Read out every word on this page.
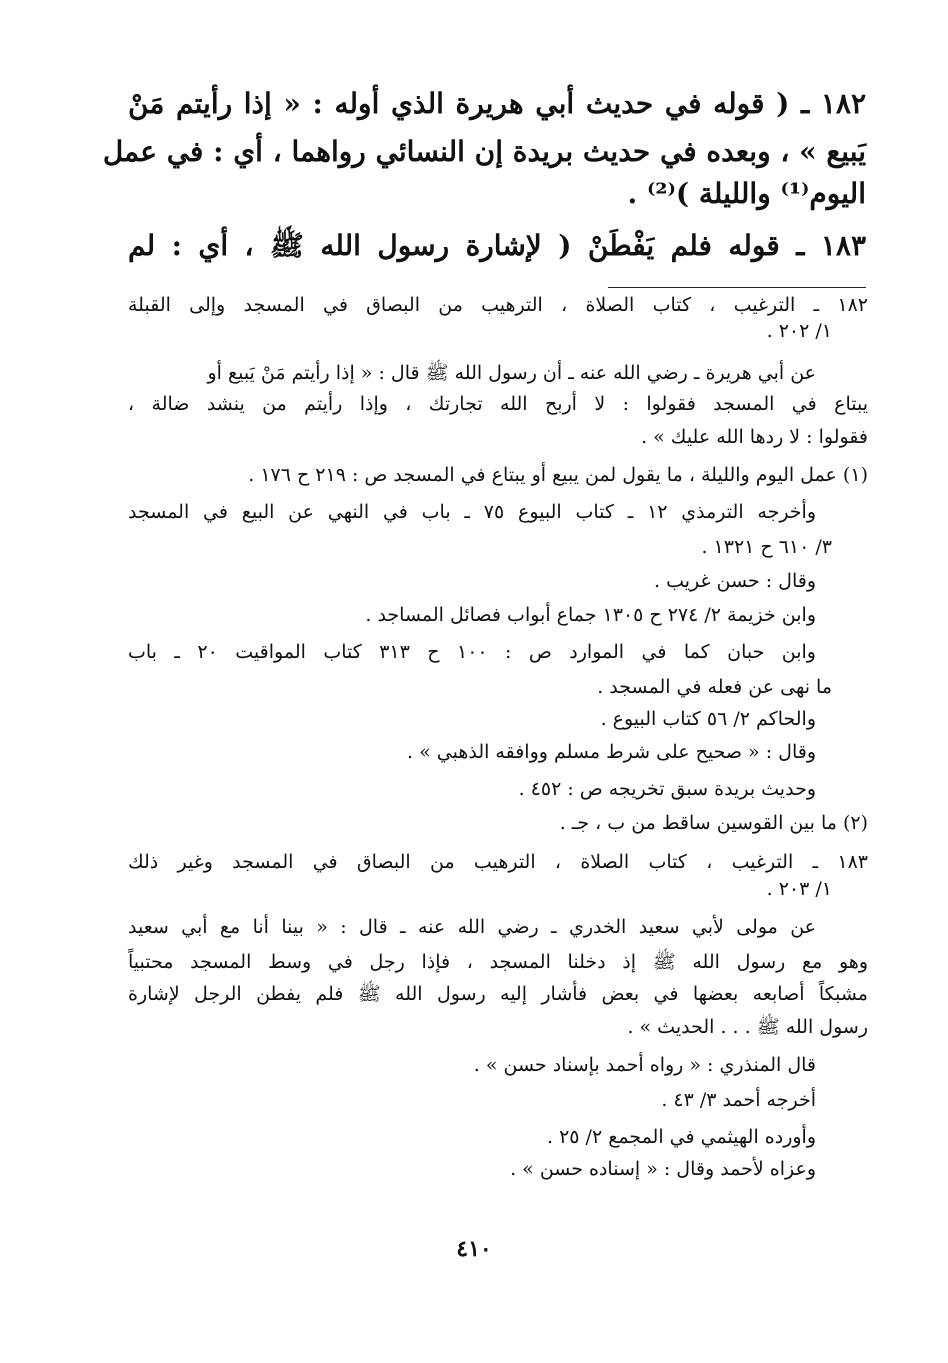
١٨٢ ـ ( قوله في حديث أبي هريرة الذي أوله : « إذا رأيتم مَنْ
يَبيع » ، وبعده في حديث بريدة إن النسائي رواهما ، أي : في عمل
اليوم⁽¹⁾ والليلة )⁽²⁾ .
١٨٣ ـ قوله فلم يَفْطَنْ ( لإشارة رسول الله ﷺ ، أي : لم
١٨٢ ـ الترغيب ، كتاب الصلاة ، الترهيب من البصاق في المسجد وإلى القبلة
١/ ٢٠٢ .
عن أبي هريرة ـ رضي الله عنه ـ أن رسول الله ﷺ قال : « إذا رأيتم مَنْ يَبيع أو
يبتاع في المسجد فقولوا : لا أربح الله تجارتك ، وإذا رأيتم من ينشد ضالة ،
فقولوا : لا ردها الله عليك » .
(١) عمل اليوم والليلة ، ما يقول لمن يبيع أو يبتاع في المسجد ص : ٢١٩ ح ١٧٦ .
وأخرجه الترمذي ١٢ ـ كتاب البيوع ٧٥ ـ باب في النهي عن البيع في المسجد
٣/ ٦١٠ ح ١٣٢١ .
وقال : حسن غريب .
وابن خزيمة ٢/ ٢٧٤ ح ١٣٠٥ جماع أبواب فصائل المساجد .
وابن حبان كما في الموارد ص : ١٠٠ ح ٣١٣ كتاب المواقيت ٢٠ ـ باب
ما نهى عن فعله في المسجد .
والحاكم ٢/ ٥٦ كتاب البيوع .
وقال : « صحيح على شرط مسلم ووافقه الذهبي » .
وحديث بريدة سبق تخريجه ص : ٤٥٢ .
(٢) ما بين القوسين ساقط من ب ، جـ .
١٨٣ ـ الترغيب ، كتاب الصلاة ، الترهيب من البصاق في المسجد وغير ذلك
١/ ٢٠٣ .
عن مولى لأبي سعيد الخدري ـ رضي الله عنه ـ قال : « بينا أنا مع أبي سعيد
وهو مع رسول الله ﷺ إذ دخلنا المسجد ، فإذا رجل في وسط المسجد محتبياً
مشبكاً أصابعه بعضها في بعض فأشار إليه رسول الله ﷺ فلم يفطن الرجل لإشارة
رسول الله ﷺ . . . الحديث » .
قال المنذري : « رواه أحمد بإسناد حسن » .
أخرجه أحمد ٣/ ٤٣ .
وأورده الهيثمي في المجمع ٢/ ٢٥ .
وعزاه لأحمد وقال : « إسناده حسن » .
٤١٠
